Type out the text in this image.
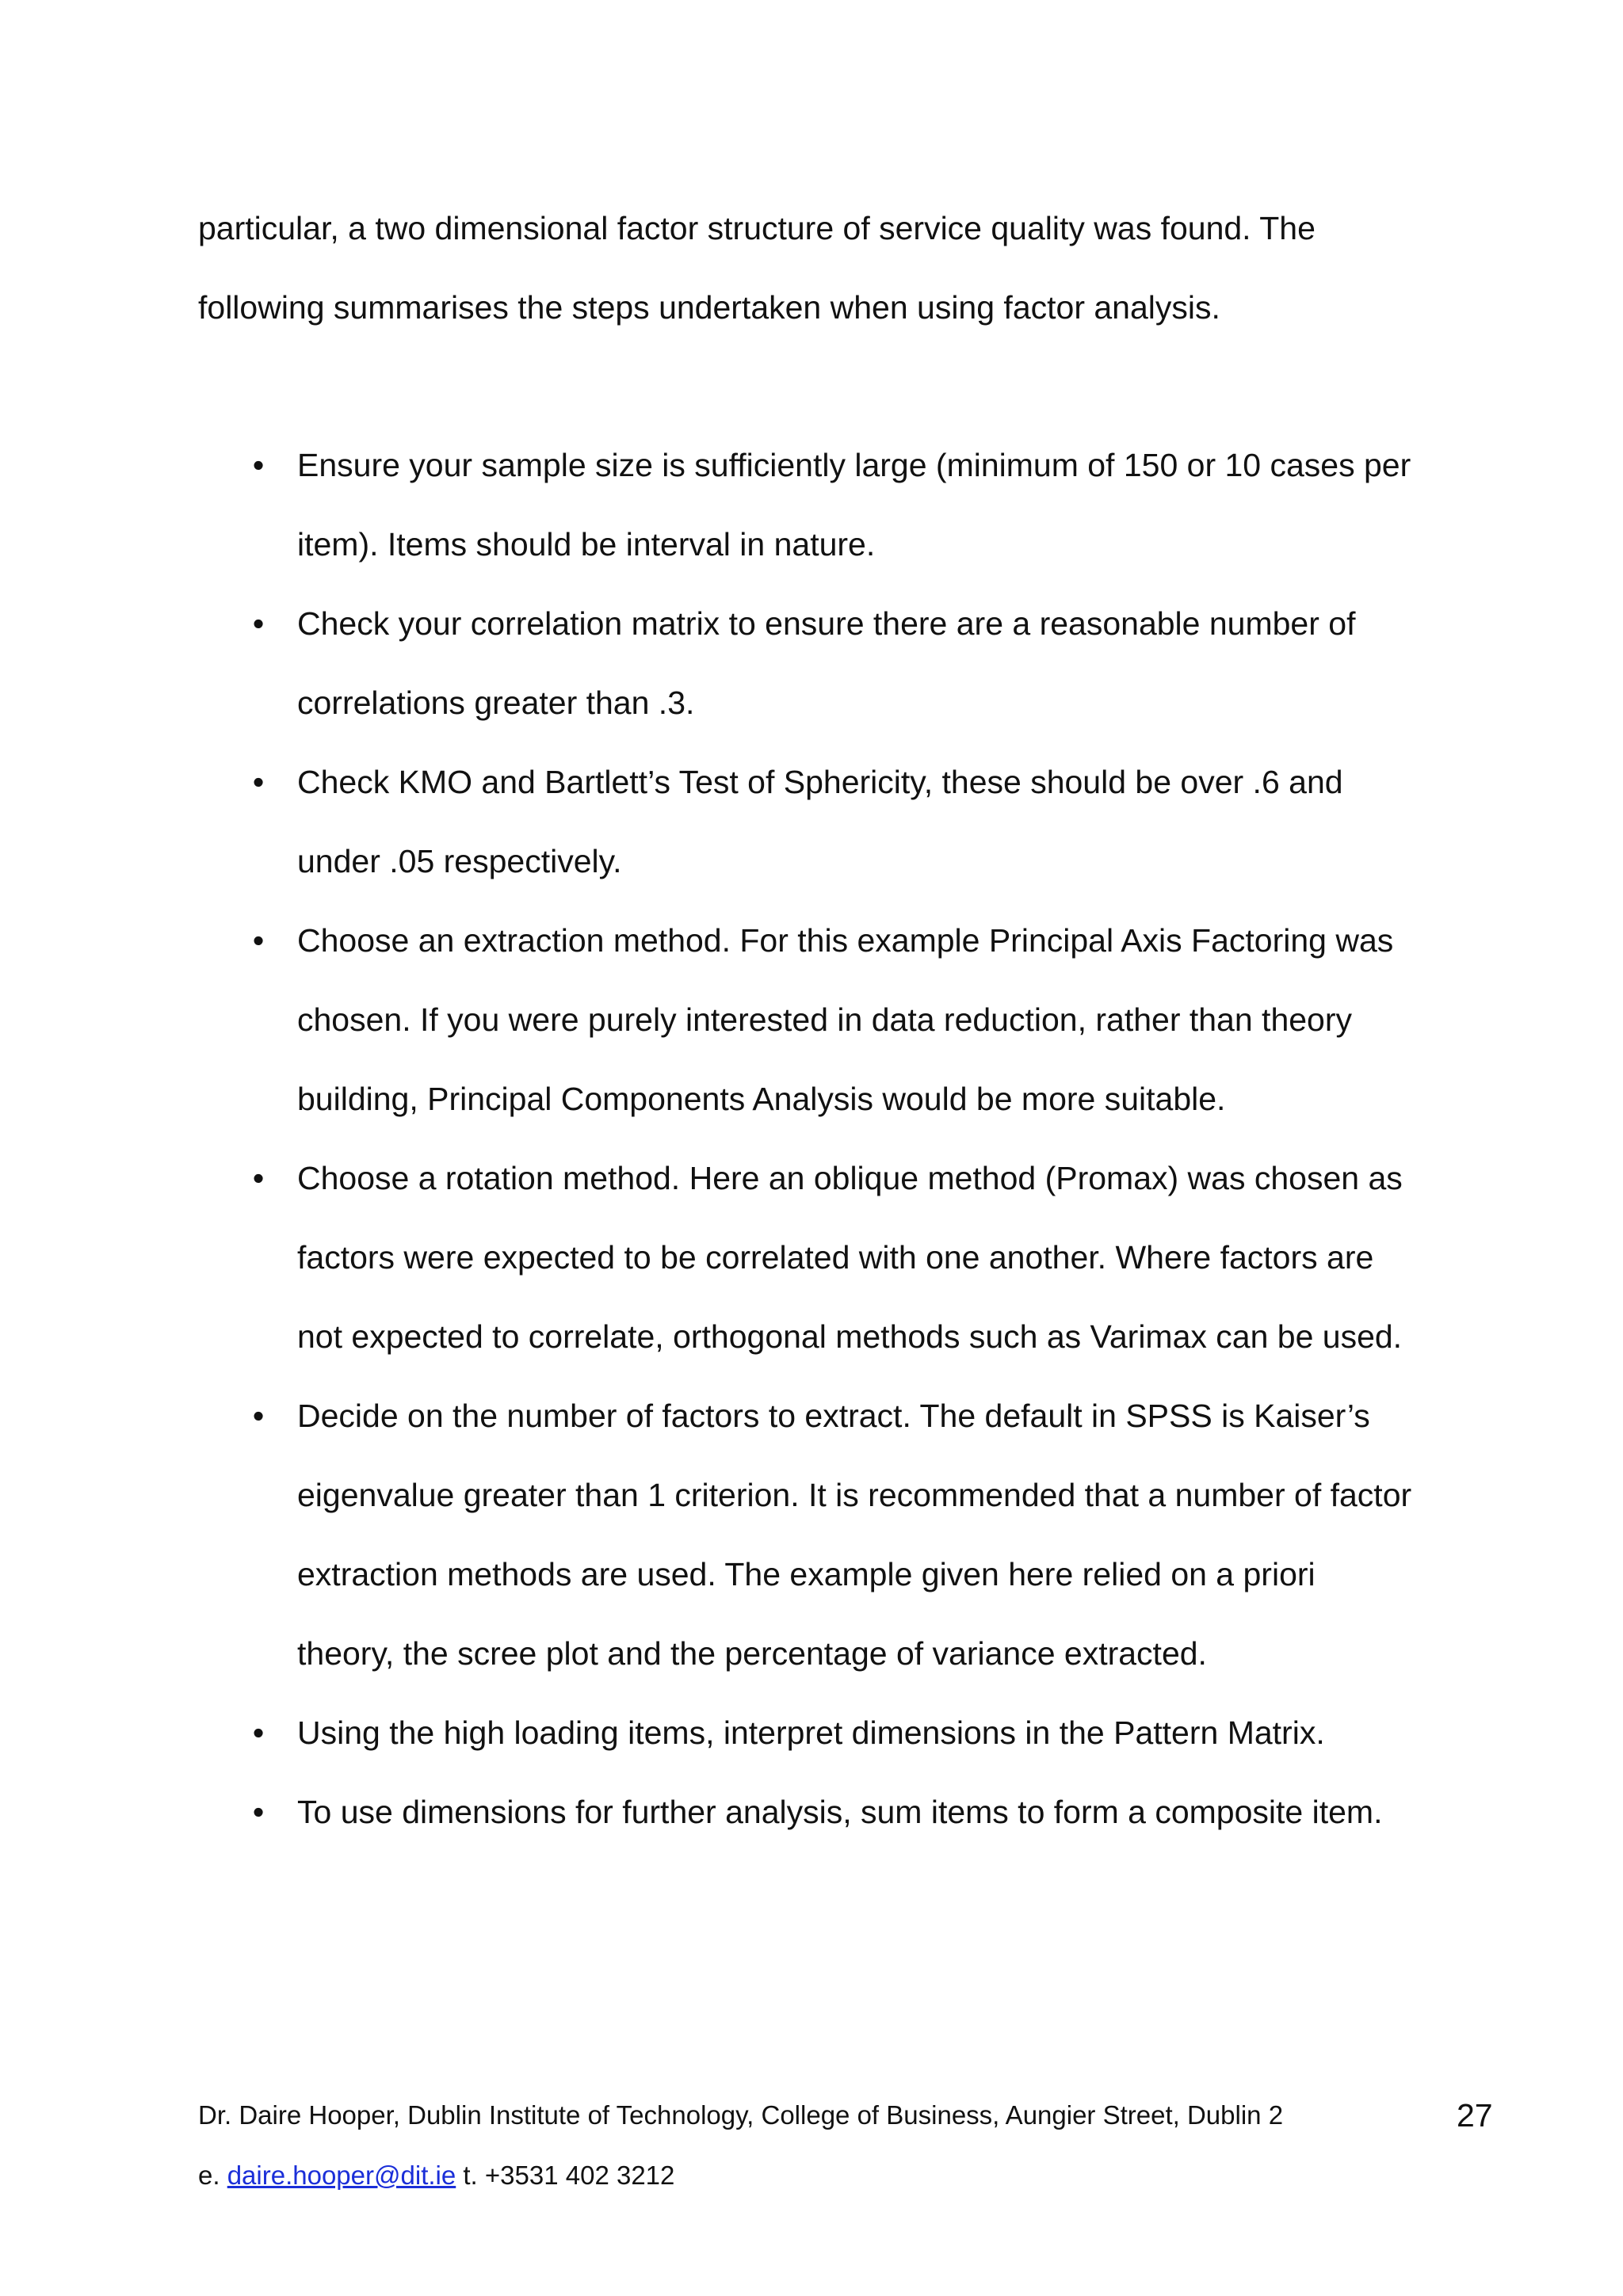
particular, a two dimensional factor structure of service quality was found. The
following summarises the steps undertaken when using factor analysis.

• Ensure your sample size is sufficiently large (minimum of 150 or 10 cases per
item). Items should be interval in nature.
• Check your correlation matrix to ensure there are a reasonable number of
correlations greater than .3.
• Check KMO and Bartlett’s Test of Sphericity, these should be over .6 and
under .05 respectively.
• Choose an extraction method. For this example Principal Axis Factoring was
chosen. If you were purely interested in data reduction, rather than theory
building, Principal Components Analysis would be more suitable.
• Choose a rotation method. Here an oblique method (Promax) was chosen as
factors were expected to be correlated with one another. Where factors are
not expected to correlate, orthogonal methods such as Varimax can be used.
• Decide on the number of factors to extract. The default in SPSS is Kaiser’s
eigenvalue greater than 1 criterion. It is recommended that a number of factor
extraction methods are used. The example given here relied on a priori
theory, the scree plot and the percentage of variance extracted.
• Using the high loading items, interpret dimensions in the Pattern Matrix.
• To use dimensions for further analysis, sum items to form a composite item.
Dr. Daire Hooper, Dublin Institute of Technology, College of Business, Aungier Street, Dublin 2
e. daire.hooper@dit.ie t. +3531 402 3212
27
